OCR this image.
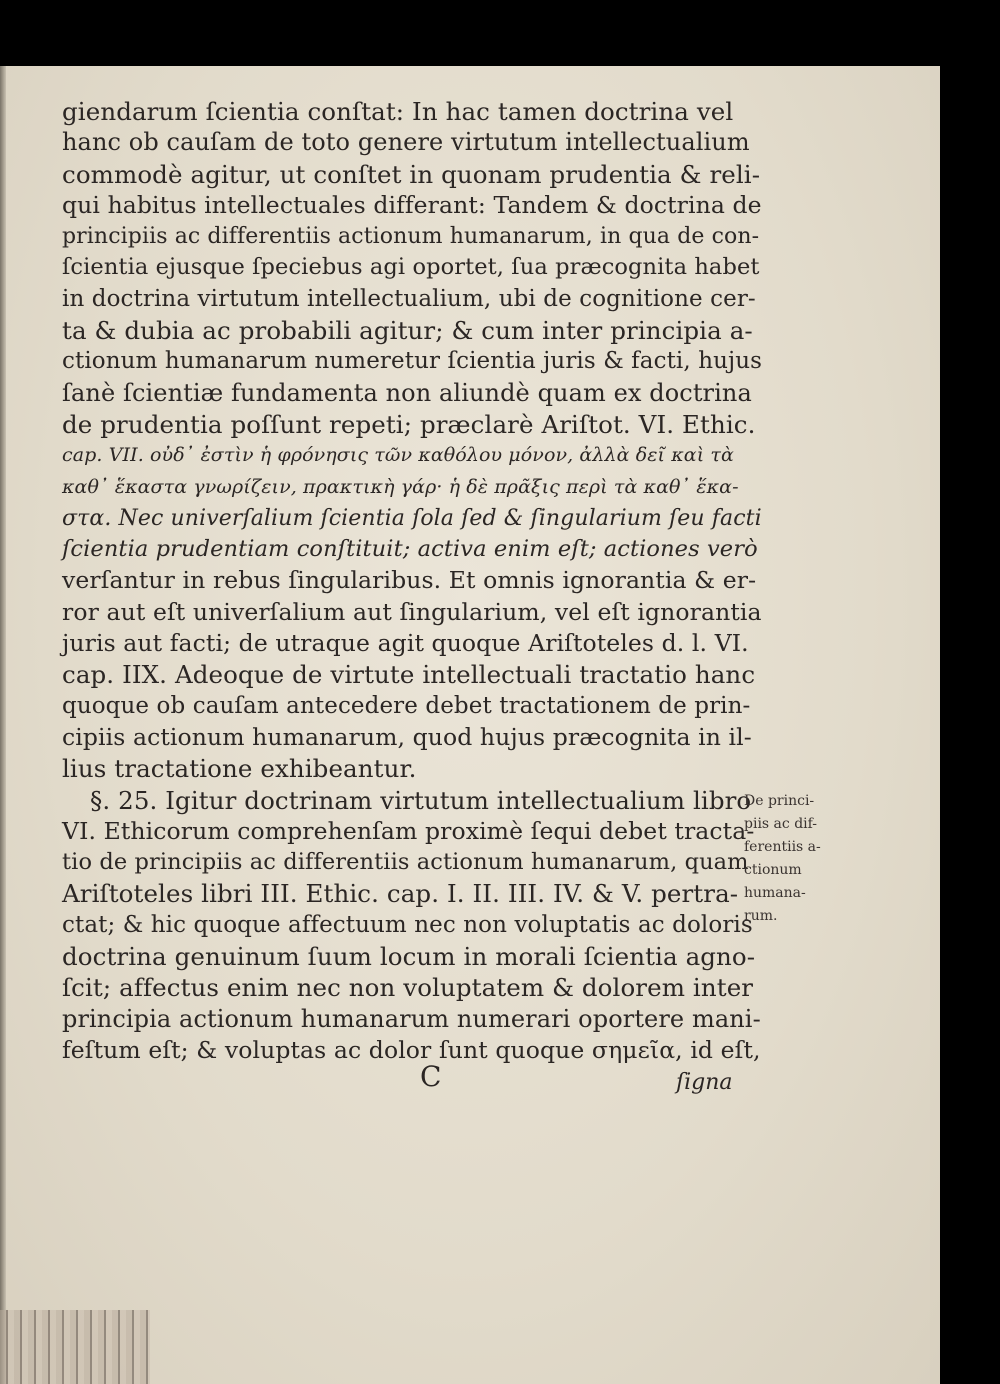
giendarum ſcientia conſtat: In hac tamen doctrina vel
hanc ob cauſam de toto genere virtutum intellectualium
commodè agitur, ut conſtet in quonam prudentia & reli-
qui habitus intellectuales differant: Tandem & doctrina de
principiis ac differentiis actionum humanarum, in qua de con-
ſcientia ejusque ſpeciebus agi oportet, ſua præcognita habet
in doctrina virtutum intellectualium, ubi de cognitione cer-
ta & dubia ac probabili agitur; & cum inter principia a-
ctionum humanarum numeretur ſcientia juris & facti, hujus
ſanè ſcientiæ fundamenta non aliundè quam ex doctrina
de prudentia poſſunt repeti; præclarè Ariſtot. VI. Ethic.
cap. VII. οὐδ᾽ ἐστὶν ἡ φρόνησις τῶν καθόλου μόνον, ἀλλὰ δεῖ καὶ τὰ
καθ᾽ ἕκαστα γνωρίζειν, πρακτικὴ γάρ· ἡ δὲ πρᾶξις περὶ τὰ καθ᾽ ἕκα-
στα. Nec univerſalium ſcientia ſola ſed & ſingularium ſeu facti
ſcientia prudentiam conſtituit; activa enim eſt; actiones verò
verſantur in rebus ſingularibus. Et omnis ignorantia & er-
ror aut eſt univerſalium aut ſingularium, vel eſt ignorantia
juris aut facti; de utraque agit quoque Ariſtoteles d. l. VI.
cap. IIX. Adeoque de virtute intellectuali tractatio hanc
quoque ob cauſam antecedere debet tractationem de prin-
cipiis actionum humanarum, quod hujus præcognita in il-
lius tractatione exhibeantur.
§. 25. Igitur doctrinam virtutum intellectualium libro
VI. Ethicorum comprehenſam proximè ſequi debet tracta-
tio de principiis ac differentiis actionum humanarum, quam
Ariſtoteles libri III. Ethic. cap. I. II. III. IV. & V. pertra-
ctat; & hic quoque affectuum nec non voluptatis ac doloris
doctrina genuinum ſuum locum in morali ſcientia agno-
ſcit; affectus enim nec non voluptatem & dolorem inter
principia actionum humanarum numerari oportere mani-
feſtum eſt; & voluptas ac dolor ſunt quoque σημεῖα, id eſt,
De princi-
piis ac dif-
ferentiis a-
ctionum
humana-
rum.
C	ſigna
